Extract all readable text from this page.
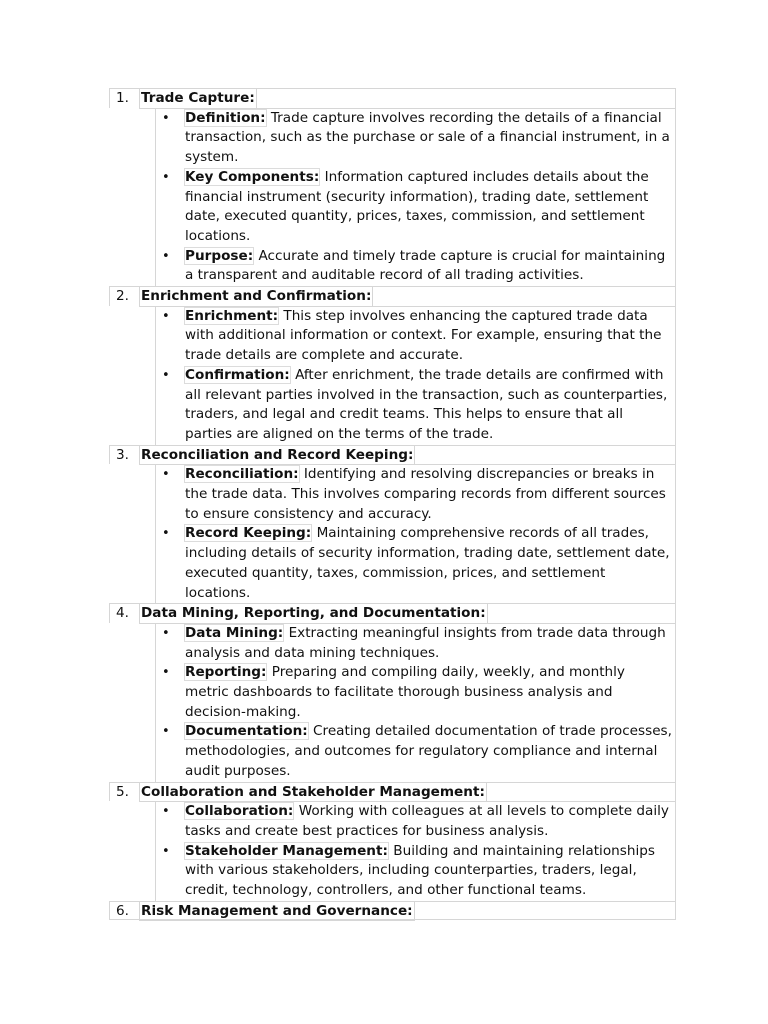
1. Trade Capture:
• Definition: Trade capture involves recording the details of a financial transaction, such as the purchase or sale of a financial instrument, in a system.
• Key Components: Information captured includes details about the financial instrument (security information), trading date, settlement date, executed quantity, prices, taxes, commission, and settlement locations.
• Purpose: Accurate and timely trade capture is crucial for maintaining a transparent and auditable record of all trading activities.
2. Enrichment and Confirmation:
• Enrichment: This step involves enhancing the captured trade data with additional information or context. For example, ensuring that the trade details are complete and accurate.
• Confirmation: After enrichment, the trade details are confirmed with all relevant parties involved in the transaction, such as counterparties, traders, and legal and credit teams. This helps to ensure that all parties are aligned on the terms of the trade.
3. Reconciliation and Record Keeping:
• Reconciliation: Identifying and resolving discrepancies or breaks in the trade data. This involves comparing records from different sources to ensure consistency and accuracy.
• Record Keeping: Maintaining comprehensive records of all trades, including details of security information, trading date, settlement date, executed quantity, taxes, commission, prices, and settlement locations.
4. Data Mining, Reporting, and Documentation:
• Data Mining: Extracting meaningful insights from trade data through analysis and data mining techniques.
• Reporting: Preparing and compiling daily, weekly, and monthly metric dashboards to facilitate thorough business analysis and decision-making.
• Documentation: Creating detailed documentation of trade processes, methodologies, and outcomes for regulatory compliance and internal audit purposes.
5. Collaboration and Stakeholder Management:
• Collaboration: Working with colleagues at all levels to complete daily tasks and create best practices for business analysis.
• Stakeholder Management: Building and maintaining relationships with various stakeholders, including counterparties, traders, legal, credit, technology, controllers, and other functional teams.
6. Risk Management and Governance:
